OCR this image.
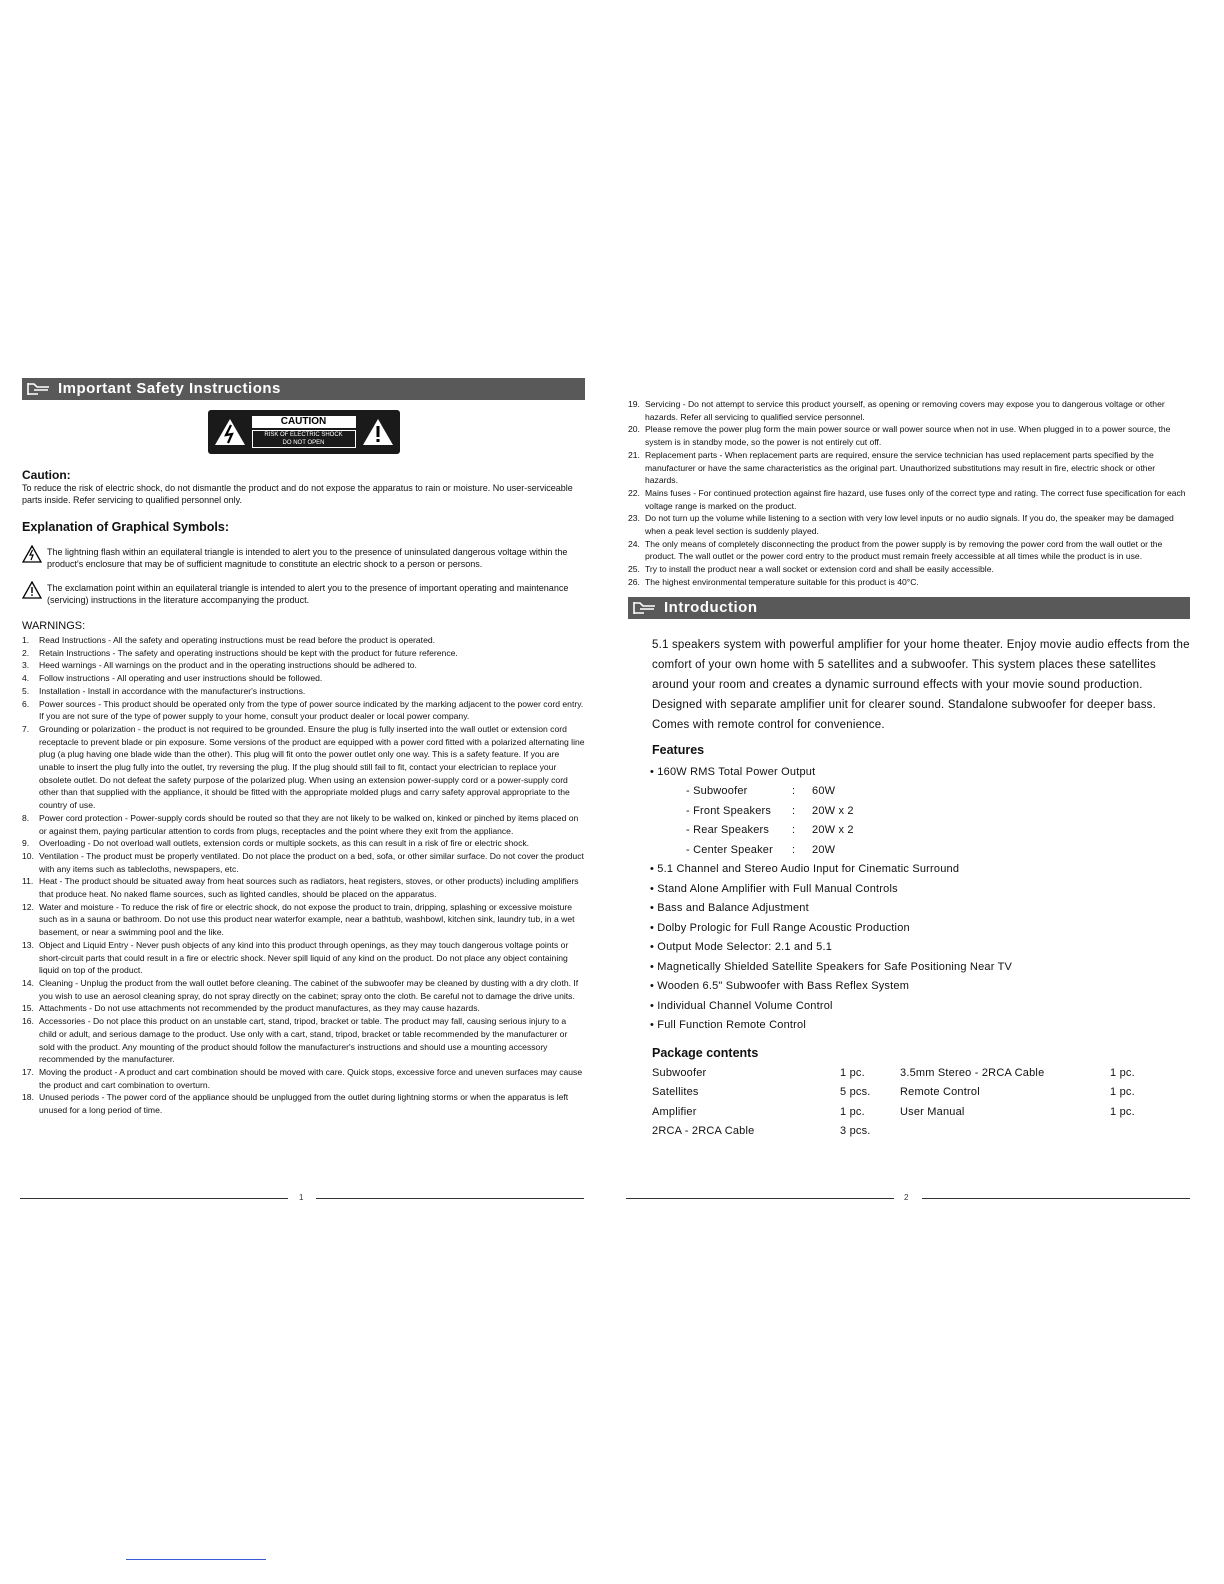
Important Safety Instructions
CAUTION
RISK OF ELECTRIC SHOCK
DO NOT OPEN
Caution:
To reduce the risk of electric shock, do not dismantle the product and do not expose the apparatus to rain or moisture. No user-serviceable parts inside. Refer servicing to qualified personnel only.
Explanation of Graphical Symbols:
The lightning flash within an equilateral triangle is intended to alert you to the presence of uninsulated dangerous voltage within the product's enclosure that may be of sufficient magnitude to constitute an electric shock to a person or persons.
The exclamation point within an equilateral triangle is intended to alert you to the presence of important operating and maintenance (servicing) instructions in the literature accompanying the product.
WARNINGS:
1.	Read Instructions - All the safety and operating instructions must be read before the product is operated.
2.	Retain Instructions - The safety and operating instructions should be kept with the product for future reference.
3.	Heed warnings - All warnings on the product and in the operating instructions should be adhered to.
4.	Follow instructions - All operating and user instructions should be followed.
5.	Installation - Install in accordance with the manufacturer's instructions.
6.	Power sources - This product should be operated only from the type of power source indicated by the marking adjacent to the power cord entry. If you are not sure of the type of power supply to your home, consult your product dealer or local power company.
7.	Grounding or polarization - the product is not required to be grounded. Ensure the plug is fully inserted into the wall outlet or extension cord receptacle to prevent blade or pin exposure. Some versions of the product are equipped with a power cord fitted with a polarized alternating line plug (a plug having one blade wide than the other). This plug will fit onto the power outlet only one way. This is a safety feature. If you are unable to insert the plug fully into the outlet, try reversing the plug. If the plug should still fail to fit, contact your electrician to replace your obsolete outlet. Do not defeat the safety purpose of the polarized plug. When using an extension power-supply cord or a power-supply cord other than that supplied with the appliance, it should be fitted with the appropriate molded plugs and carry safety approval appropriate to the country of use.
8.	Power cord protection - Power-supply cords should be routed so that they are not likely to be walked on, kinked or pinched by items placed on or against them, paying particular attention to cords from plugs, receptacles and the point where they exit from the appliance.
9.	Overloading - Do not overload wall outlets, extension cords or multiple sockets, as this can result in a risk of fire or electric shock.
10. Ventilation - The product must be properly ventilated. Do not place the product on a bed, sofa, or other similar surface. Do not cover the product with any items such as tablecloths, newspapers, etc.
11. Heat - The product should be situated away from heat sources such as radiators, heat registers, stoves, or other products) including amplifiers that produce heat. No naked flame sources, such as lighted candles, should be placed on the apparatus.
12. Water and moisture - To reduce the risk of fire or electric shock, do not expose the product to train, dripping, splashing or excessive moisture such as in a sauna or bathroom. Do not use this product near waterfor example, near a bathtub, washbowl, kitchen sink, laundry tub, in a wet basement, or near a swimming pool and the like.
13. Object and Liquid Entry - Never push objects of any kind into this product through openings, as they may touch dangerous voltage points or short-circuit parts that could result in a fire or electric shock. Never spill liquid of any kind on the product. Do not place any object containing liquid on top of the product.
14. Cleaning - Unplug the product from the wall outlet before cleaning. The cabinet of the subwoofer may be cleaned by dusting with a dry cloth. If you wish to use an aerosol cleaning spray, do not spray directly on the cabinet; spray onto the cloth. Be careful not to damage the drive units.
15. Attachments - Do not use attachments not recommended by the product manufactures, as they may cause hazards.
16. Accessories - Do not place this product on an unstable cart, stand, tripod, bracket or table. The product may fall, causing serious injury to a child or adult, and serious damage to the product. Use only with a cart, stand, tripod, bracket or table recommended by the manufacturer or sold with the product. Any mounting of the product should follow the manufacturer's instructions and should use a mounting accessory recommended by the manufacturer.
17. Moving the product - A product and cart combination should be moved with care. Quick stops, excessive force and uneven surfaces may cause the product and cart combination to overturn.
18. Unused periods - The power cord of the appliance should be unplugged from the outlet during lightning storms or when the apparatus is left unused for a long period of time.
1
19. Servicing - Do not attempt to service this product yourself, as opening or removing covers may expose you to dangerous voltage or other hazards. Refer all servicing to qualified service personnel.
20. Please remove the power plug form the main power source or wall power source when not in use. When plugged in to a power source, the system is in standby mode, so the power is not entirely cut off.
21. Replacement parts - When replacement parts are required, ensure the service technician has used replacement parts specified by the manufacturer or have the same characteristics as the original part. Unauthorized substitutions may result in fire, electric shock or other hazards.
22. Mains fuses - For continued protection against fire hazard, use fuses only of the correct type and rating. The correct fuse specification for each voltage range is marked on the product.
23. Do not turn up the volume while listening to a section with very low level inputs or no audio signals. If you do, the speaker may be damaged when a peak level section is suddenly played.
24. The only means of completely disconnecting the product from the power supply is by removing the power cord from the wall outlet or the product. The wall outlet or the power cord entry to the product must remain freely accessible at all times while the product is in use.
25. Try to install the product near a wall socket or extension cord and shall be easily accessible.
26. The highest environmental temperature suitable for this product is 40°C.
Introduction
5.1 speakers system with powerful amplifier for your home theater. Enjoy movie audio effects from the comfort of your own home with 5 satellites and a subwoofer. This system places these satellites around your room and creates a dynamic surround effects with your movie sound production.
Designed with separate amplifier unit for clearer sound. Standalone subwoofer for deeper bass. Comes with remote control for convenience.
Features
• 160W RMS Total Power Output
- Subwoofer	:	60W
- Front Speakers	:	20W x 2
- Rear Speakers	:	20W x 2
- Center Speaker	:	20W
• 5.1 Channel and Stereo Audio Input for Cinematic Surround
• Stand Alone Amplifier with Full Manual Controls
• Bass and Balance Adjustment
• Dolby Prologic for Full Range Acoustic Production
• Output Mode Selector: 2.1 and 5.1
• Magnetically Shielded Satellite Speakers for Safe Positioning Near TV
• Wooden 6.5" Subwoofer with Bass Reflex System
• Individual Channel Volume Control
• Full Function Remote Control
Package contents
Subwoofer	1 pc.	3.5mm Stereo - 2RCA Cable	1 pc.
Satellites	5 pcs.	Remote Control	1 pc.
Amplifier	1 pc.	User Manual	1 pc.
2RCA - 2RCA Cable	3 pcs.		
2
